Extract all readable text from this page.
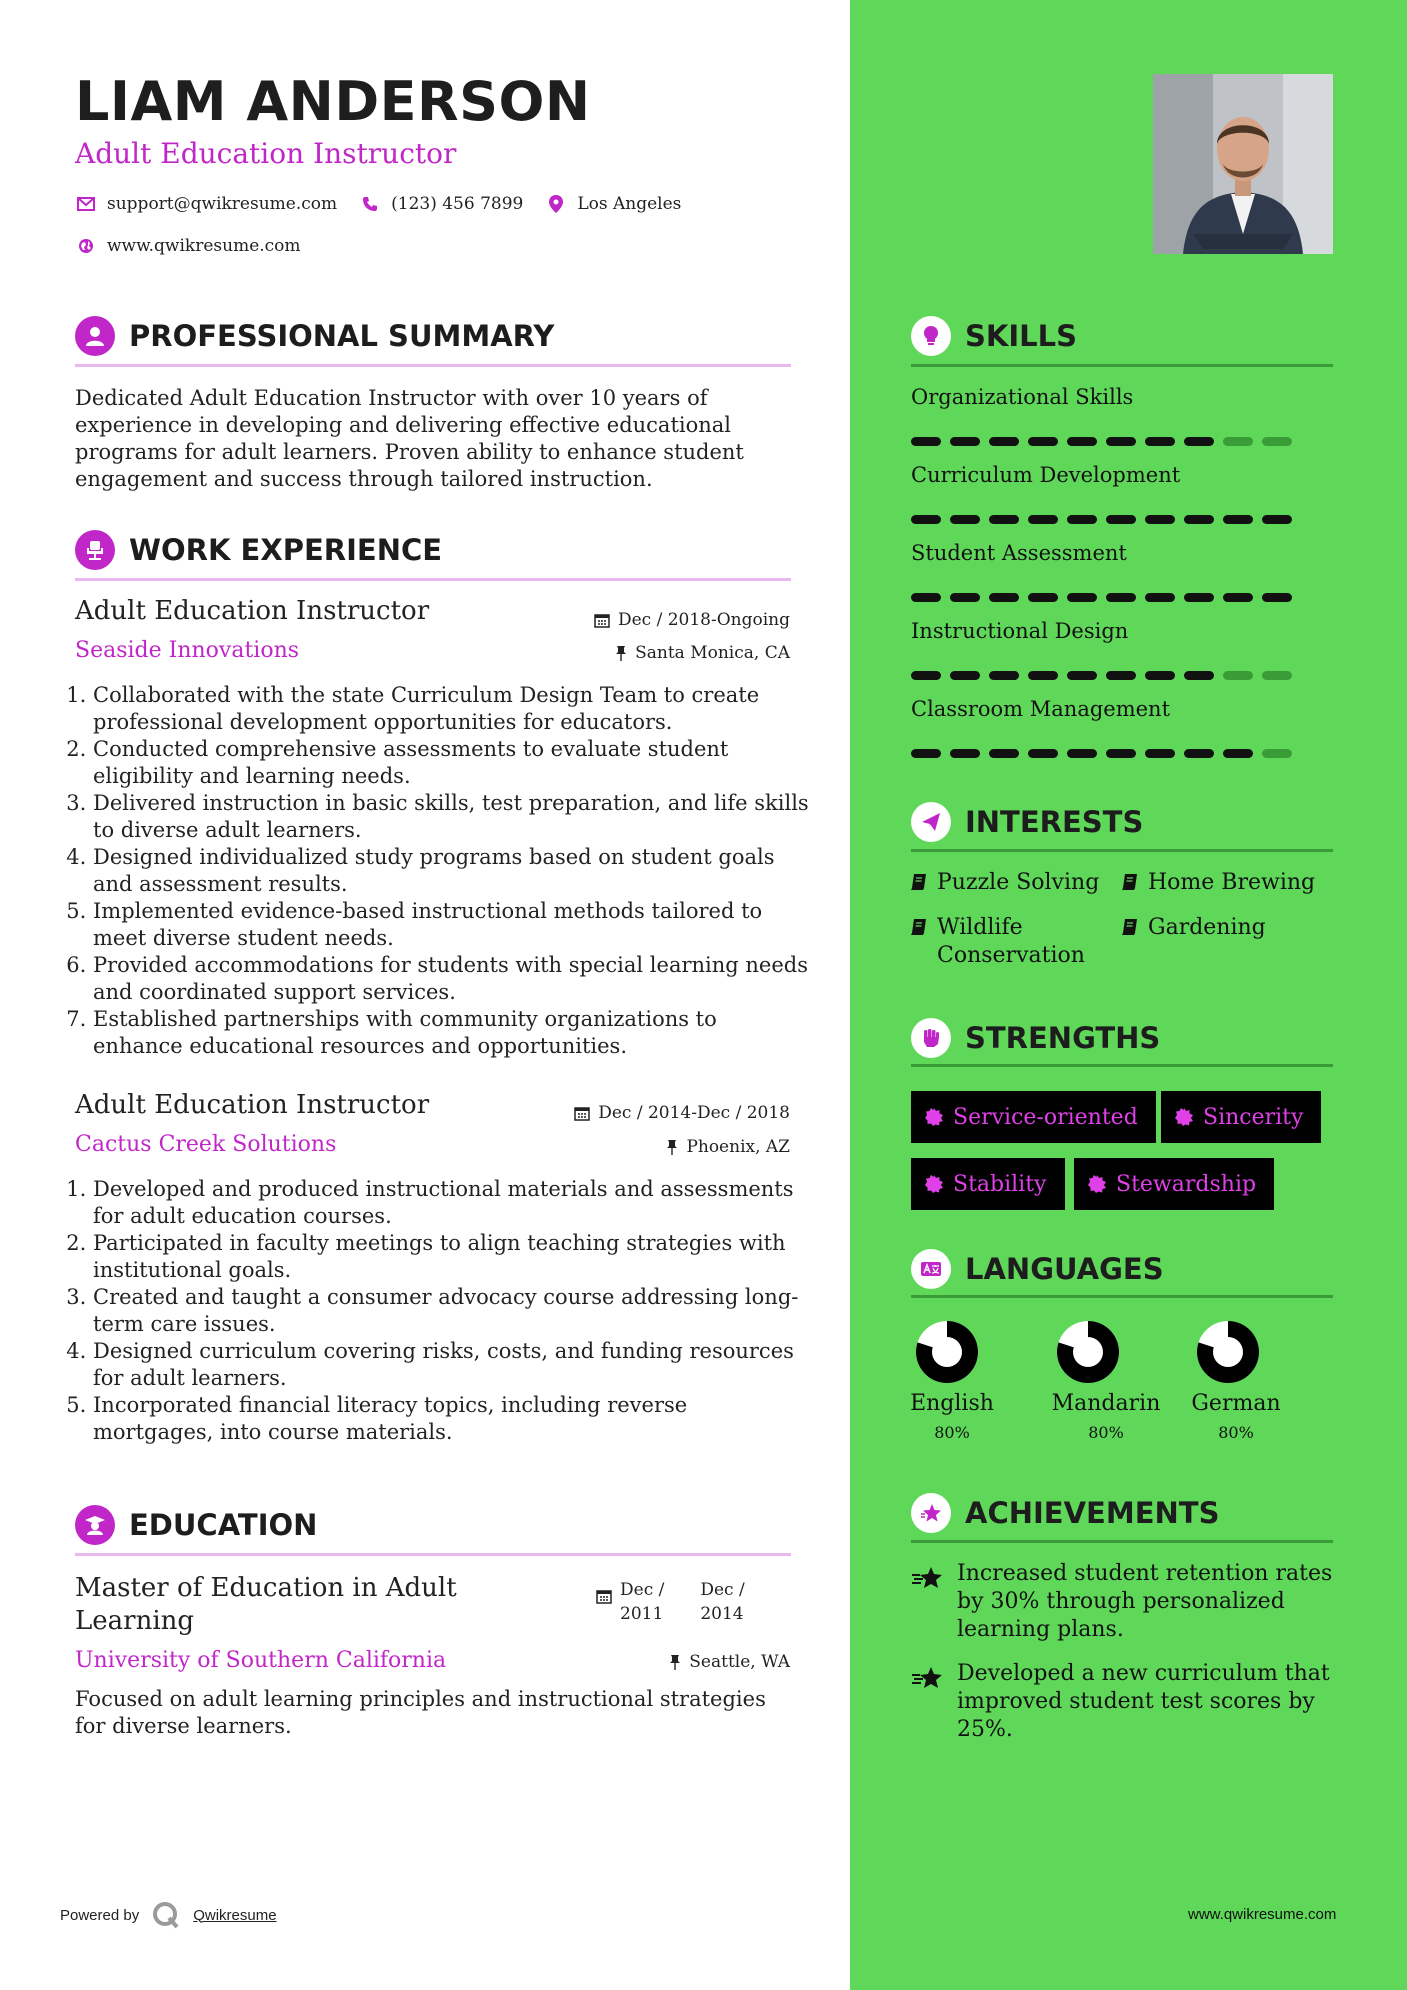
LIAM ANDERSON
Adult Education Instructor
support@qwikresume.com	(123) 456 7899	Los Angeles
www.qwikresume.com
PROFESSIONAL SUMMARY
Dedicated Adult Education Instructor with over 10 years of experience in developing and delivering effective educational programs for adult learners. Proven ability to enhance student engagement and success through tailored instruction.
WORK EXPERIENCE
Adult Education Instructor	Dec / 2018-Ongoing
Seaside Innovations	Santa Monica, CA
1. Collaborated with the state Curriculum Design Team to create professional development opportunities for educators.
2. Conducted comprehensive assessments to evaluate student eligibility and learning needs.
3. Delivered instruction in basic skills, test preparation, and life skills to diverse adult learners.
4. Designed individualized study programs based on student goals and assessment results.
5. Implemented evidence-based instructional methods tailored to meet diverse student needs.
6. Provided accommodations for students with special learning needs and coordinated support services.
7. Established partnerships with community organizations to enhance educational resources and opportunities.
Adult Education Instructor	Dec / 2014-Dec / 2018
Cactus Creek Solutions	Phoenix, AZ
1. Developed and produced instructional materials and assessments for adult education courses.
2. Participated in faculty meetings to align teaching strategies with institutional goals.
3. Created and taught a consumer advocacy course addressing long-term care issues.
4. Designed curriculum covering risks, costs, and funding resources for adult learners.
5. Incorporated financial literacy topics, including reverse mortgages, into course materials.
EDUCATION
Master of Education in Adult
Learning
Dec /
2011
Dec /
2014
University of Southern California	Seattle, WA
Focused on adult learning principles and instructional strategies for diverse learners.
SKILLS
Organizational Skills
Curriculum Development
Student Assessment
Instructional Design
Classroom Management
INTERESTS
Puzzle Solving Home Brewing
Wildlife Conservation
Gardening
STRENGTHS
Service-oriented	Sincerity
Stability	Stewardship
LANGUAGES
English
80%
Mandarin
80%
German
80%
ACHIEVEMENTS
Increased student retention rates by 30% through personalized learning plans.
Developed a new curriculum that improved student test scores by 25%.
Powered by	Qwikresume	www.qwikresume.com
